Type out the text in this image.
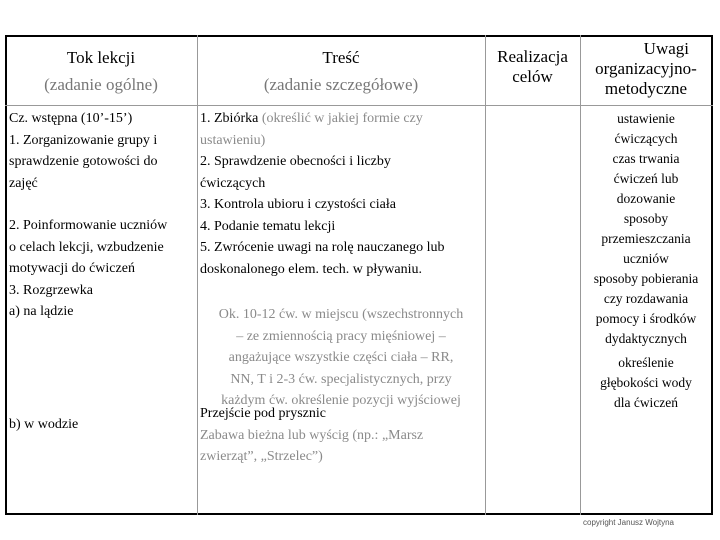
Tok lekcji

(zadanie ogólne)

Treść

(zadanie szczegółowe)

Realizacja

celów

Uwagi

organizacyjno-

metodyczne

Cz. wstępna (10’-15’)

1. Zorganizowanie grupy i

sprawdzenie gotowości do

zajęć

2. Poinformowanie uczniów

o celach lekcji, wzbudzenie

motywacji do ćwiczeń

3. Rozgrzewka

a) na lądzie

b) w wodzie

1. Zbiórka (określić w jakiej formie czy

ustawieniu)

2. Sprawdzenie obecności i liczby

ćwiczących

3. Kontrola ubioru i czystości ciała

4. Podanie tematu lekcji

5. Zwrócenie uwagi na rolę nauczanego lub

doskonalonego elem. tech. w pływaniu.

Ok. 10-12 ćw. w miejscu (wszechstronnych

– ze zmiennością pracy mięśniowej –

angażujące wszystkie części ciała – RR,

NN, T i 2-3 ćw. specjalistycznych, przy

każdym ćw. określenie pozycji wyjściowej

Przejście pod prysznic

Zabawa bieżna lub wyścig (np.: „Marsz

zwierząt”, „Strzelec”)

ustawienie

ćwiczących

czas trwania

ćwiczeń lub

dozowanie

sposoby

przemieszczania

uczniów

sposoby pobierania

czy rozdawania

pomocy i środków

dydaktycznych

określenie

głębokości wody

dla ćwiczeń

copyright Janusz Wojtyna
